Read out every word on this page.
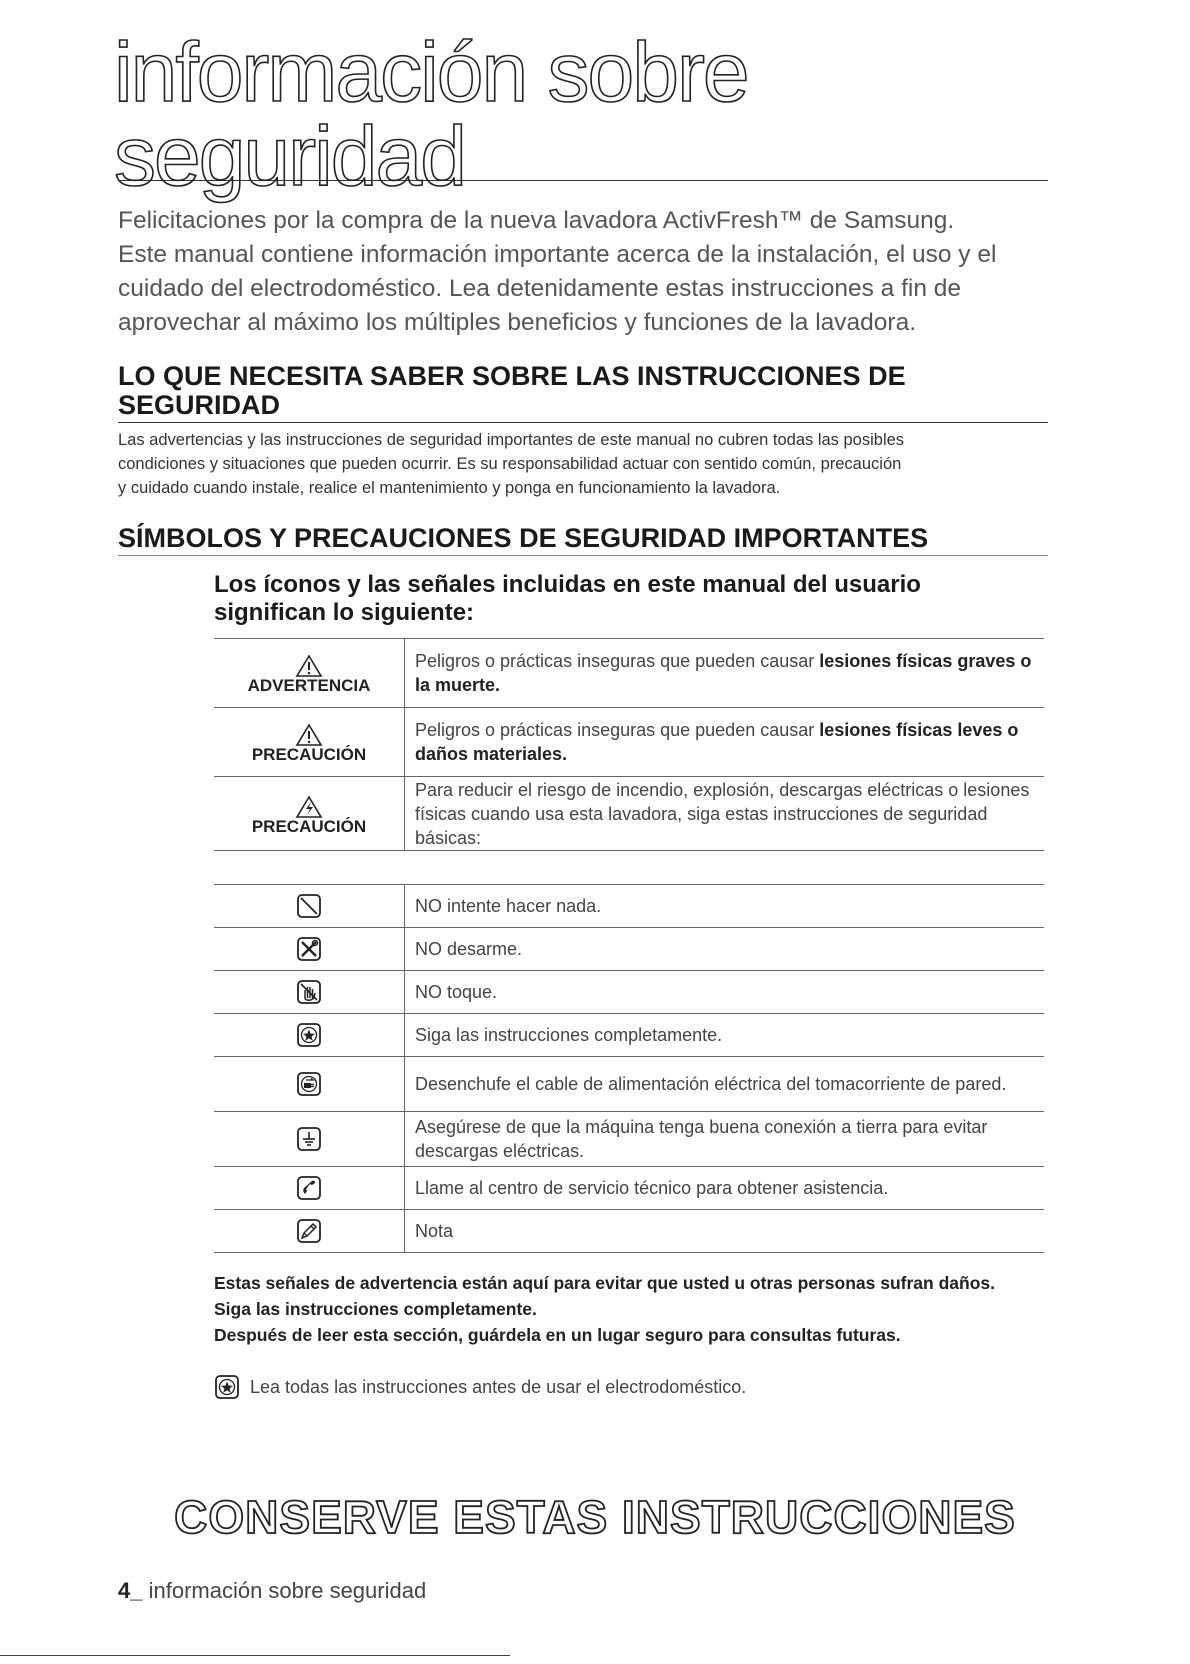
información sobre seguridad

Felicitaciones por la compra de la nueva lavadora ActivFresh™ de Samsung.

Este manual contiene información importante acerca de la instalación, el uso y el

cuidado del electrodoméstico. Lea detenidamente estas instrucciones a fin de

aprovechar al máximo los múltiples beneficios y funciones de la lavadora.

LO QUE NECESITA SABER SOBRE LAS INSTRUCCIONES DE
SEGURIDAD

Las advertencias y las instrucciones de seguridad importantes de este manual no cubren todas las posibles

condiciones y situaciones que pueden ocurrir. Es su responsabilidad actuar con sentido común, precaución

y cuidado cuando instale, realice el mantenimiento y ponga en funcionamiento la lavadora.

SÍMBOLOS Y PRECAUCIONES DE SEGURIDAD IMPORTANTES
Los íconos y las señales incluidas en este manual del usuario
significan lo siguiente:
ADVERTENCIA	Peligros o prácticas inseguras que pueden causar lesiones físicas graves o la muerte.

PRECAUCIÓN	Peligros o prácticas inseguras que pueden causar lesiones físicas leves o daños materiales.

PRECAUCIÓN	Para reducir el riesgo de incendio, explosión, descargas eléctricas o lesiones físicas cuando usa esta lavadora, siga estas instrucciones de seguridad básicas:
	NO intente hacer nada.

	NO desarme.

	NO toque.

	Siga las instrucciones completamente.

	Desenchufe el cable de alimentación eléctrica del tomacorriente de pared.

	Asegúrese de que la máquina tenga buena conexión a tierra para evitar descargas eléctricas.

	Llame al centro de servicio técnico para obtener asistencia.

	Nota

Estas señales de advertencia están aquí para evitar que usted u otras personas sufran daños.

Siga las instrucciones completamente.

Después de leer esta sección, guárdela en un lugar seguro para consultas futuras.

Lea todas las instrucciones antes de usar el electrodoméstico.
CONSERVE ESTAS INSTRUCCIONES
4_ información sobre seguridad
